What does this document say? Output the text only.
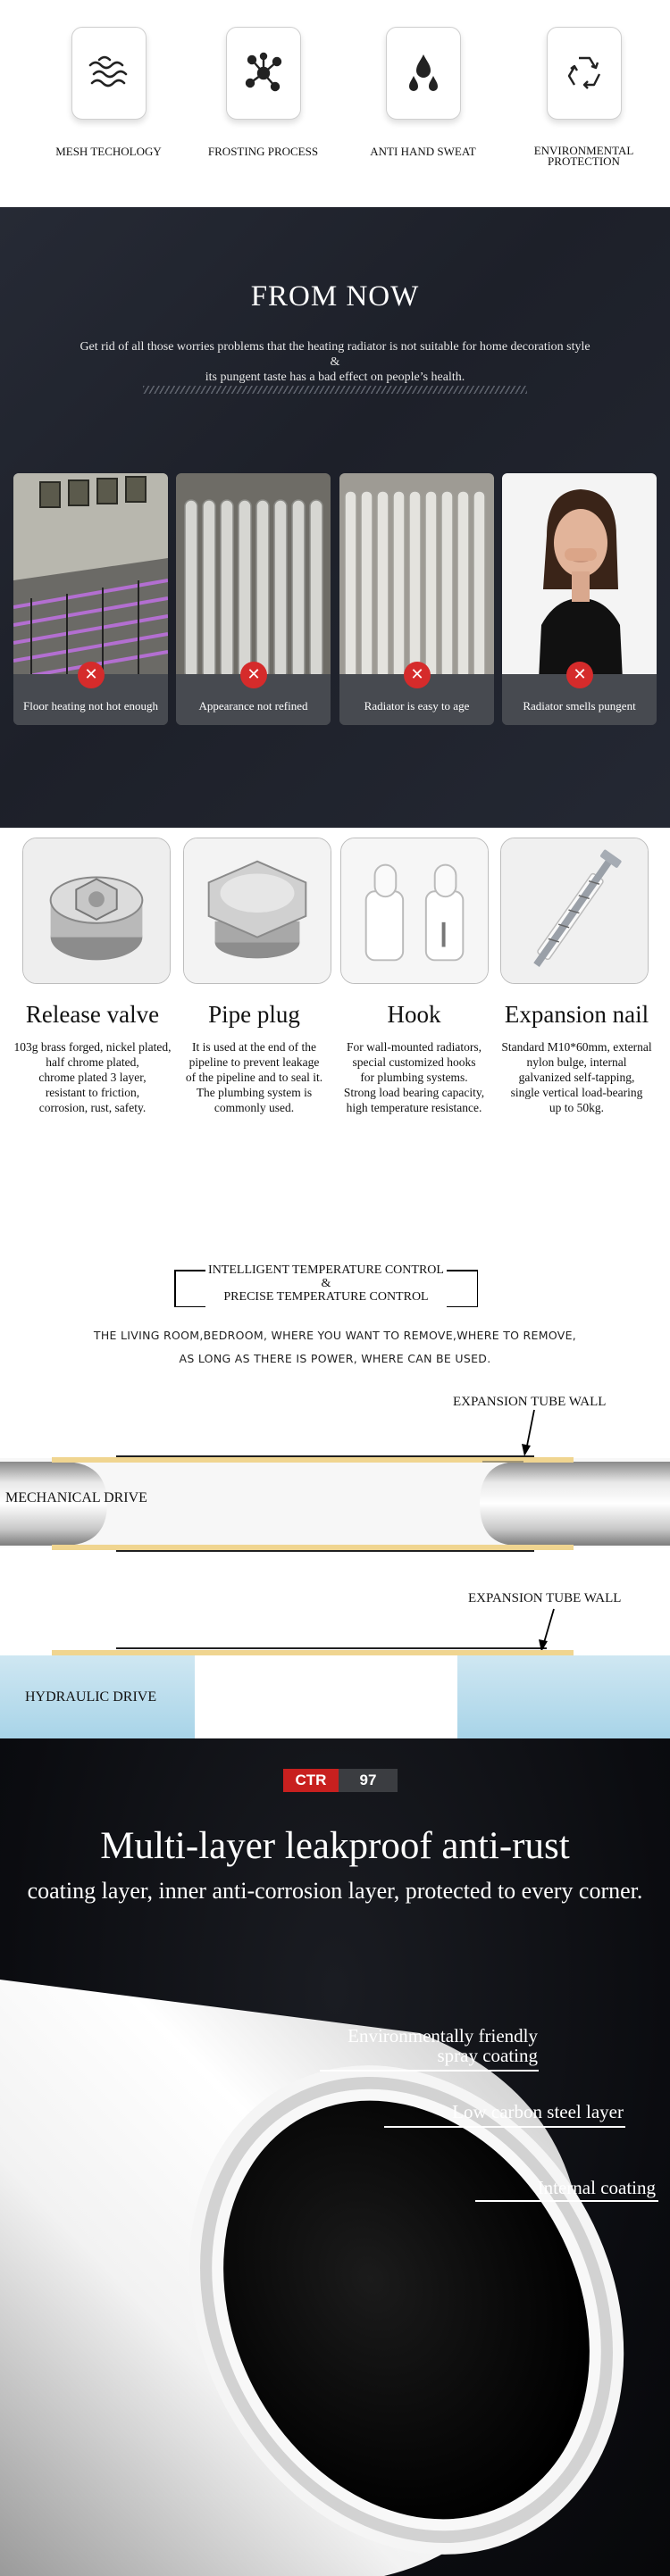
MESH TECHOLOGY	FROSTING PROCESS	ANTI HAND SWEAT	ENVIRONMENTAL PROTECTION
FROM NOW
Get rid of all those worries problems that the heating radiator is not suitable for home decoration style
&
its pungent taste has a bad effect on people’s health.
Floor heating not hot enough
✕
Appearance not refined
✕
Radiator is easy to age
✕
Radiator smells pungent
✕
Release valve	Pipe plug	Hook	Expansion nail
103g brass forged, nickel plated,
half chrome plated,
chrome plated 3 layer,
resistant to friction,
corrosion, rust, safety.
It is used at the end of the
pipeline to prevent leakage
of the pipeline and to seal it.
The plumbing system is
commonly used.
For wall-mounted radiators,
special customized hooks
for plumbing systems.
Strong load bearing capacity,
high temperature resistance.
Standard M10*60mm, external
nylon bulge, internal
galvanized self-tapping,
single vertical load-bearing
up to 50kg.
INTELLIGENT TEMPERATURE CONTROL
&
PRECISE TEMPERATURE CONTROL
THE LIVING ROOM,BEDROOM, WHERE YOU WANT TO REMOVE,WHERE TO REMOVE,
AS LONG AS THERE IS POWER, WHERE CAN BE USED.
EXPANSION TUBE WALL
MECHANICAL DRIVE
EXPANSION TUBE WALL
HYDRAULIC DRIVE
CTR	97
Multi-layer leakproof anti-rust
coating layer, inner anti-corrosion layer, protected to every corner.
Environmentally friendly
spray coating
Low carbon steel layer
Internal coating
